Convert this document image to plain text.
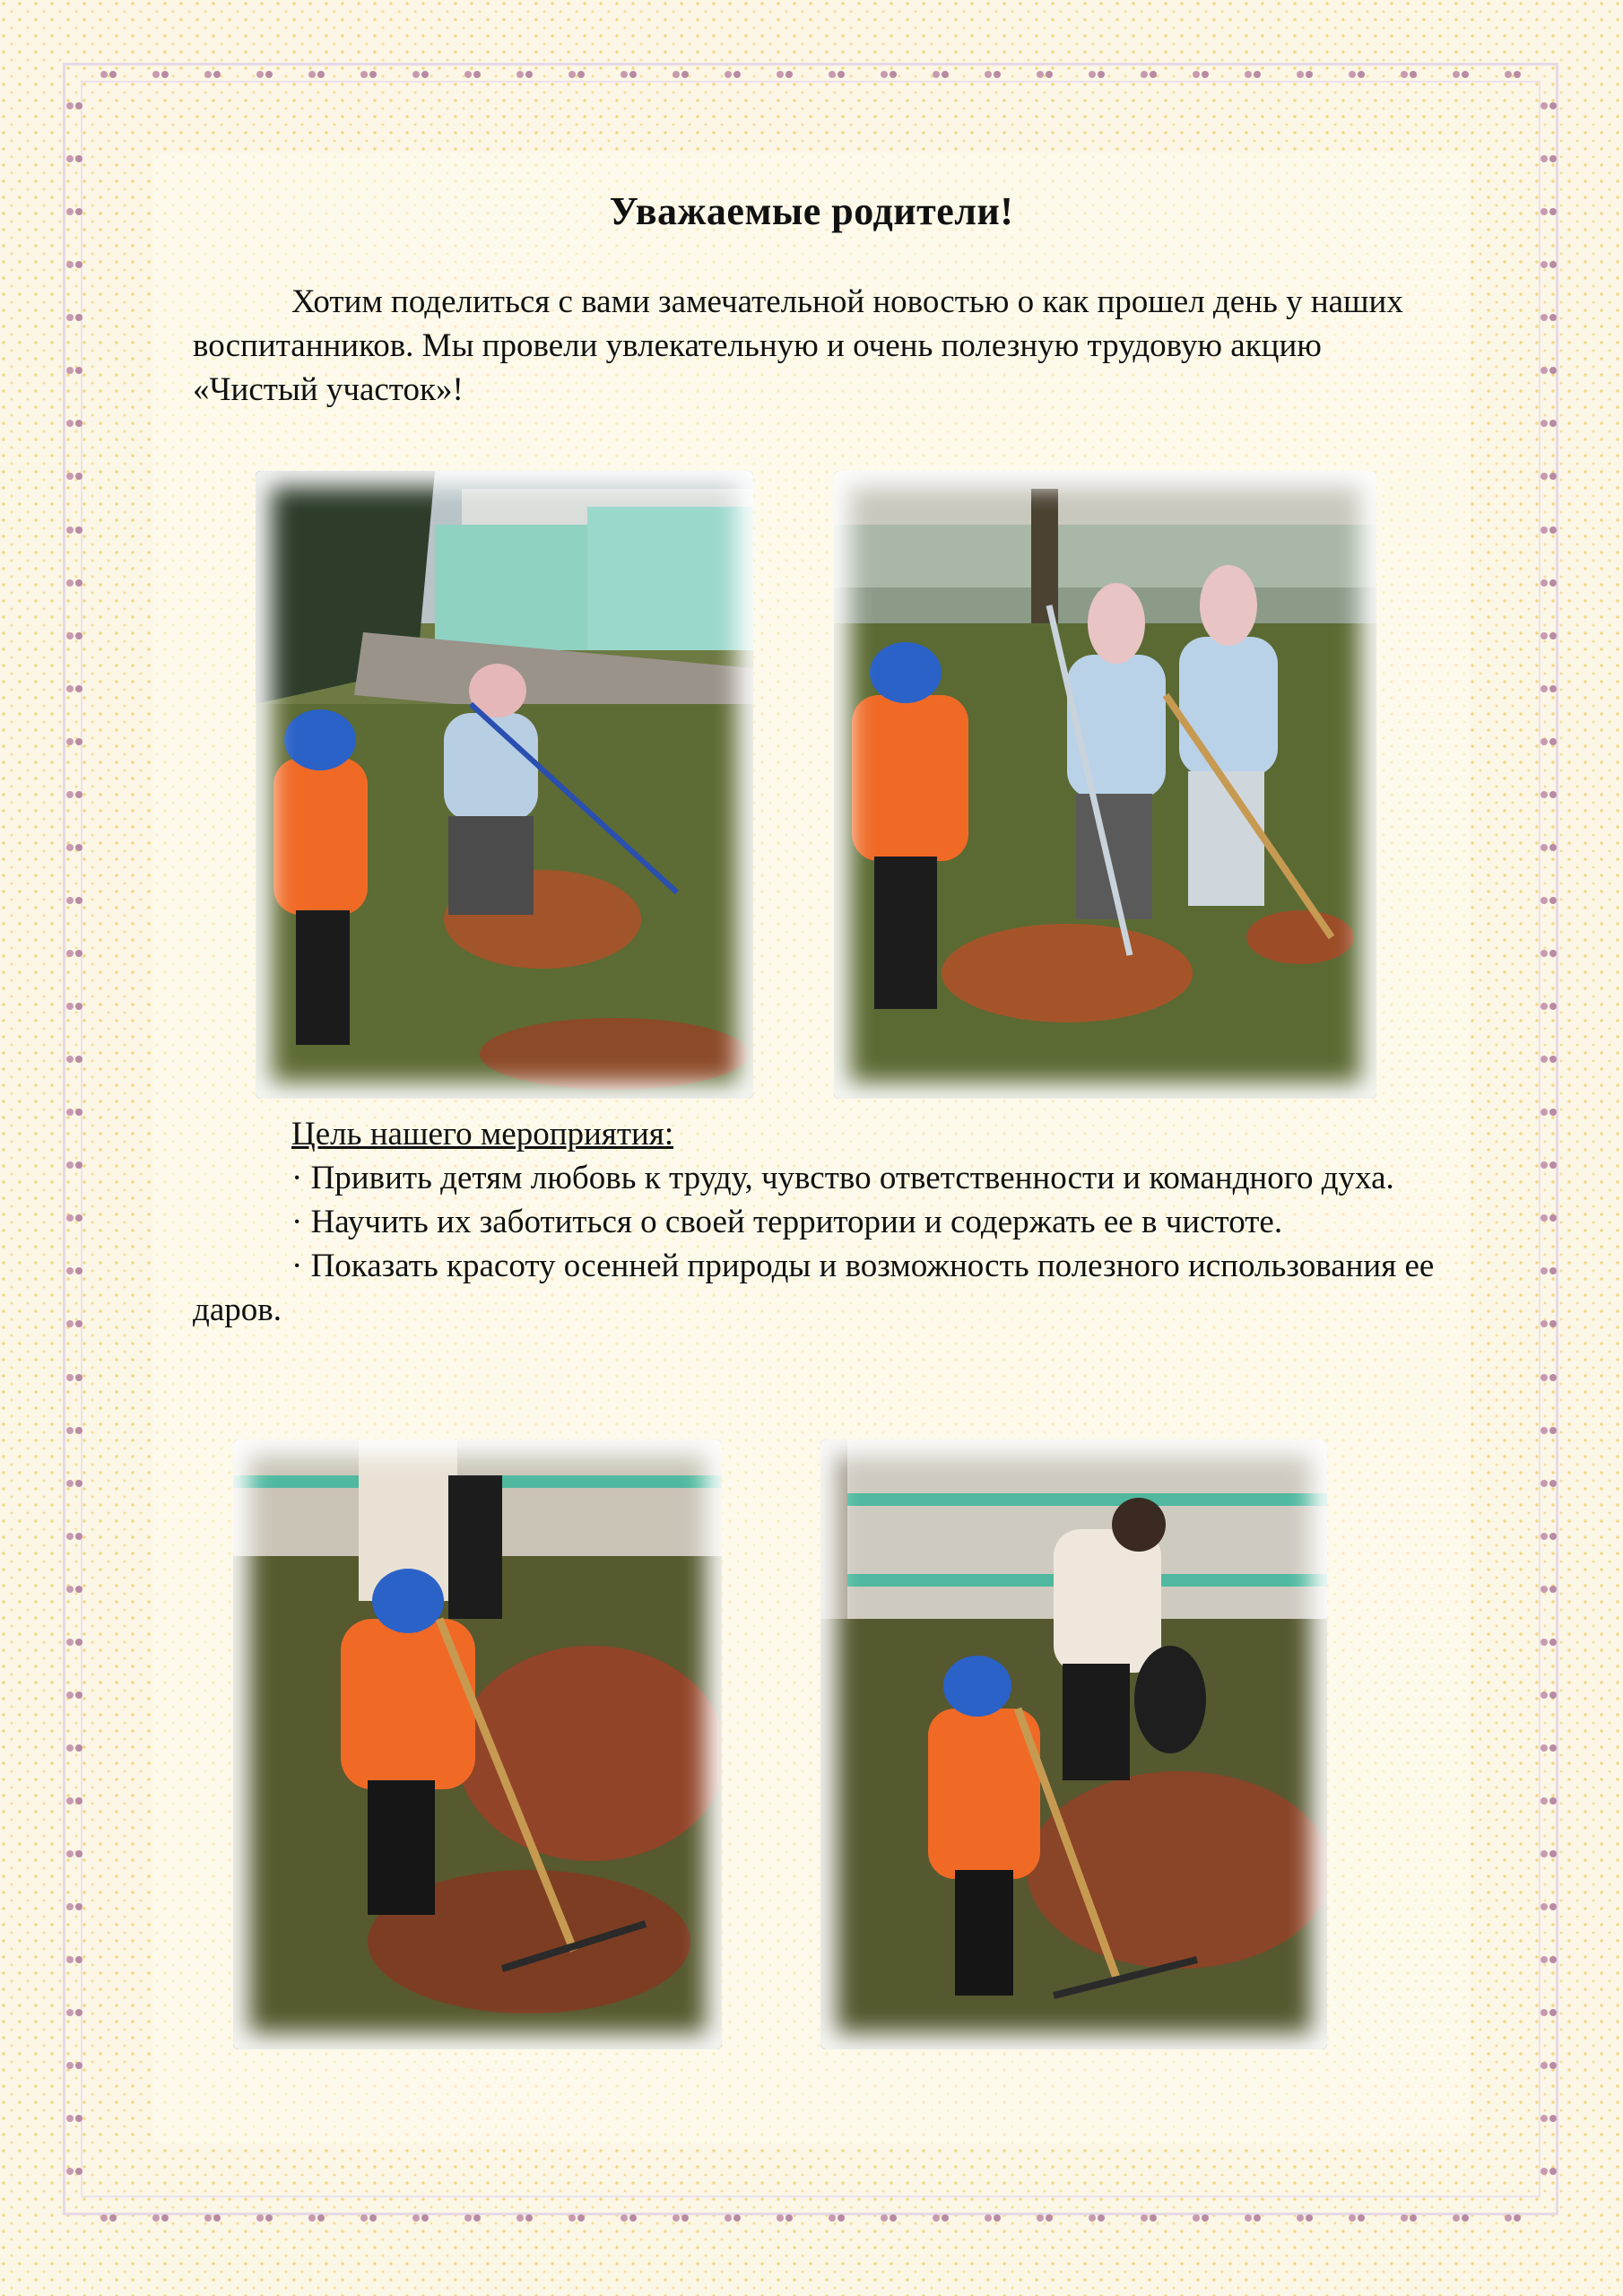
Уважаемые родители!

Хотим поделиться с вами замечательной новостью о как прошел день у наших воспитанников. Мы провели увлекательную и очень полезную трудовую акцию «Чистый участок»!

Цель нашего мероприятия:
· Привить детям любовь к труду, чувство ответственности и командного духа.
· Научить их заботиться о своей территории и содержать ее в чистоте.
· Показать красоту осенней природы и возможность полезного использования ее даров.
